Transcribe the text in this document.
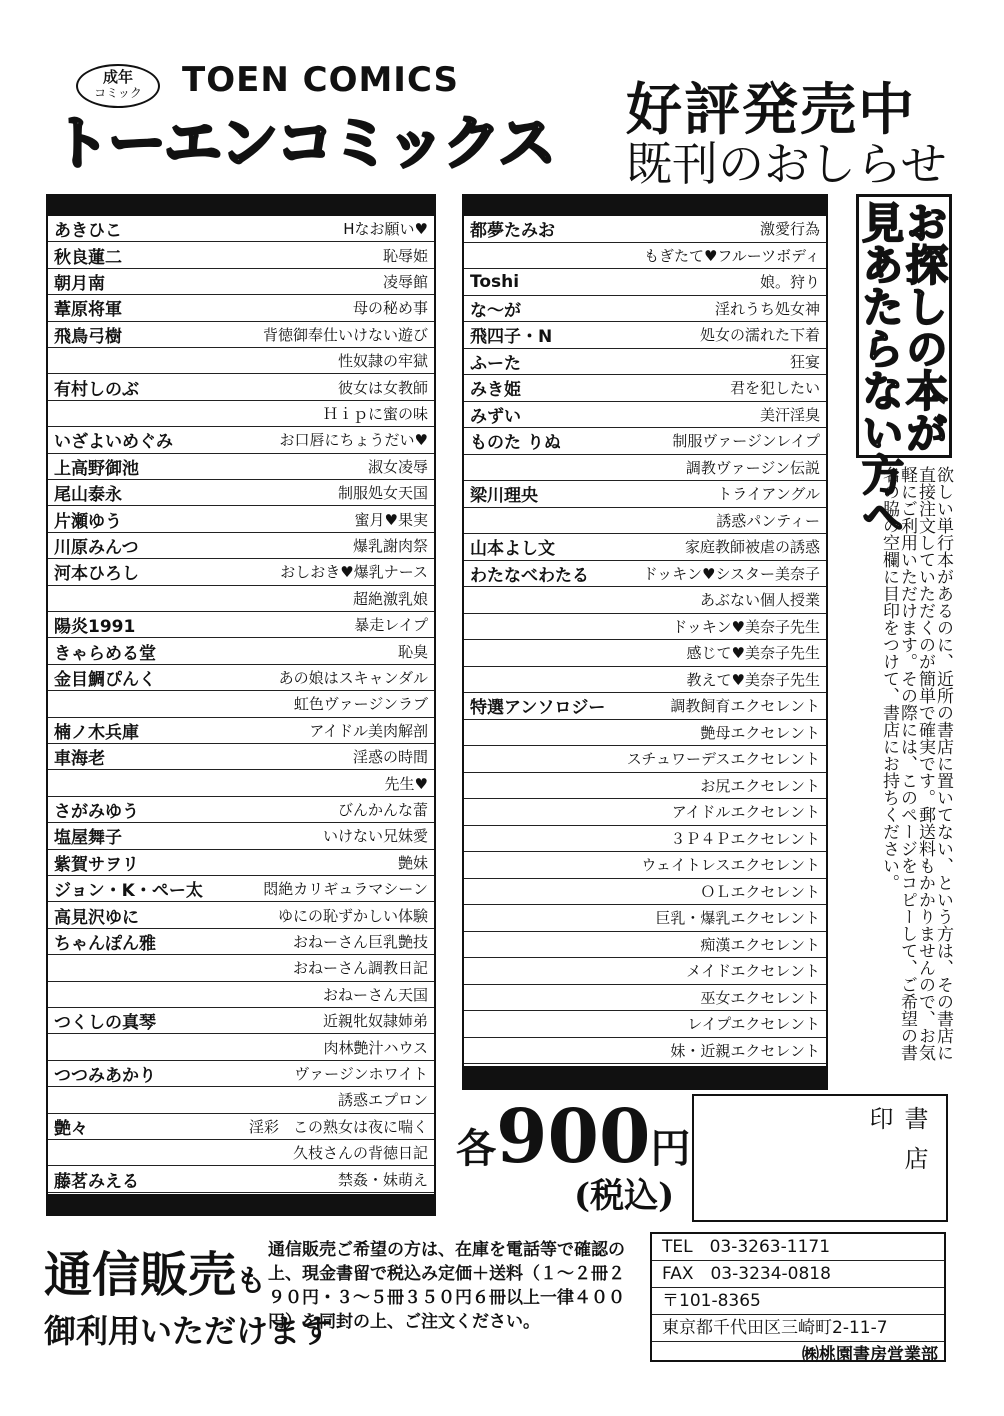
成年
コミック	TOEN COMICS
トーエンコミックス 好評発売中
既刊のおしらせ
あきひこ	Hなお願い♥
秋良蓮二	恥辱姫
朝月南	凌辱館
葦原将軍	母の秘め事
飛鳥弓樹	背徳御奉仕いけない遊び
性奴隷の牢獄
有村しのぶ	彼女は女教師
Ｈｉｐに蜜の味
いざよいめぐみ	お口唇にちょうだい♥
上高野御池	淑女凌辱
尾山泰永	制服処女天国
片瀬ゆう	蜜月♥果実
川原みんつ	爆乳謝肉祭
河本ひろし	おしおき♥爆乳ナース
超絶激乳娘
陽炎1991	暴走レイプ
きゃらめる堂	恥臭
金目鯛ぴんく	あの娘はスキャンダル
虹色ヴァージンラブ
楠ノ木兵庫	アイドル美肉解剖
車海老	淫惑の時間
先生♥
さがみゆう	びんかんな蕾
塩屋舞子	いけない兄妹愛
紫賀サヲリ	艶妹
ジョン・K・ペー太	悶絶カリギュラマシーン
高見沢ゆに	ゆにの恥ずかしい体験
ちゃんぽん雅	おねーさん巨乳艶技
おねーさん調教日記
おねーさん天国
つくしの真琴	近親牝奴隷姉弟
肉林艶汁ハウス
つつみあかり	ヴァージンホワイト
誘惑エプロン
艶々	淫彩 この熟女は夜に喘く
久枝さんの背徳日記
藤茗みえる	禁姦・妹萌え
都夢たみお	激愛行為
もぎたて♥フルーツボディ
Toshi	娘。狩り
な～が	淫れうち処女神
飛四子・N	処女の濡れた下着
ふーた	狂宴
みき姫	君を犯したい
みずい	美汗淫臭
ものた りぬ	制服ヴァージンレイプ
調教ヴァージン伝説
梁川理央	トライアングル
誘惑パンティー
山本よし文	家庭教師被虐の誘惑
わたなべわたる	ドッキン♥シスター美奈子
あぶない個人授業
ドッキン♥美奈子先生
感じて♥美奈子先生
教えて♥美奈子先生
特選アンソロジー	調教飼育エクセレント
艶母エクセレント
スチュワーデスエクセレント
お尻エクセレント
アイドルエクセレント
３Ｐ４Ｐエクセレント
ウェイトレスエクセレント
ＯＬエクセレント
巨乳・爆乳エクセレント
痴漢エクセレント
メイドエクセレント
巫女エクセレント
レイプエクセレント
妹・近親エクセレント
お探しの本が
見あたらない方へ
欲しい単行本があるのに、近所の書店に置いてない、という方は、その書店に直接注文していただくのが簡単で確実です。郵送料もかかりませんので、お気軽にご利用いただけます。その際には、このページをコピーして、ご希望の書名の脇の空欄に目印をつけて、書店にお持ちください。
各900円
(税込)
書店印
通信販売も
御利用いただけます
通信販売ご希望の方は、在庫を電話等で確認の上、現金書留で税込み定価＋送料（１～２冊２９０円・３～５冊３５０円６冊以上一律４００円）を同封の上、ご注文ください。
TEL　03-3263-1171
FAX　03-3234-0818
〒101-8365
東京都千代田区三崎町2-11-7
㈱桃園書房営業部
